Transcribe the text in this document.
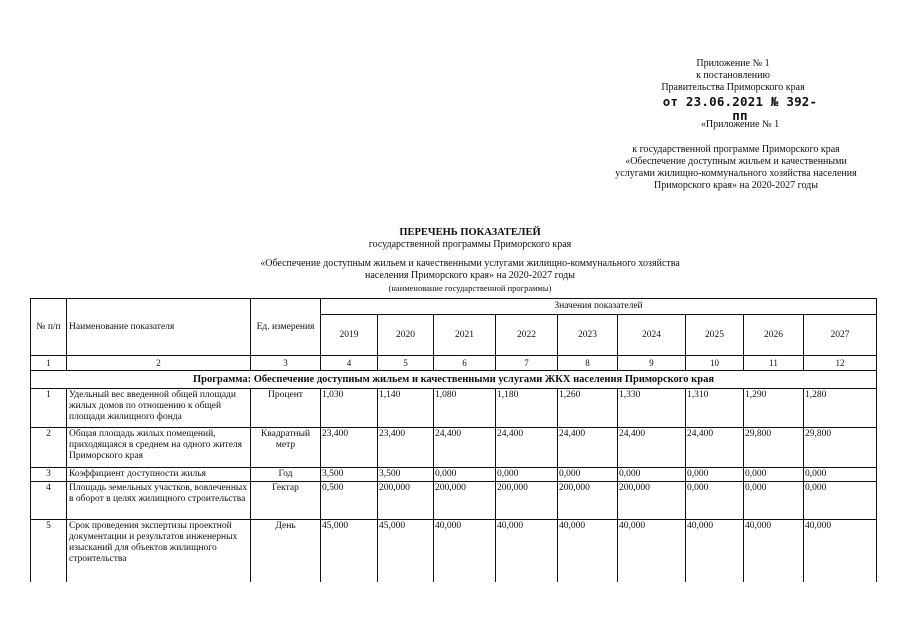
Приложение № 1
к постановлению
Правительства Приморского края
от 23.06.2021 № 392-пп
«Приложение № 1
к государственной программе Приморского края
«Обеспечение доступным жильем и качественными
услугами жилищно-коммунального хозяйства населения
Приморского края» на 2020-2027 годы
ПЕРЕЧЕНЬ ПОКАЗАТЕЛЕЙ
государственной программы Приморского края
«Обеспечение доступным жильем и качественными услугами жилищно-коммунального хозяйства
населения Приморского края» на 2020-2027 годы
(наименование государственной программы)
№ п/п	Наименование показателя	Ед. измерения	Значения показателей								
			2019	2020	2021	2022	2023	2024	2025	2026	2027
1	2	3	4	5	6	7	8	9	10	11	12
Программа: Обеспечение доступным жильем и качественными услугами ЖКХ населения Приморского края											
1	Удельный вес введенной общей площади жилых домов по отношению к общей площади жилищного фонда	Процент	1,030	1,140	1,080	1,180	1,260	1,330	1,310	1,290	1,280
2	Общая площадь жилых помещений, приходящаяся в среднем на одного жителя Приморского края	Квадратный метр	23,400	23,400	24,400	24,400	24,400	24,400	24,400	29,800	29,800
3	Коэффициент доступности жилья	Год	3,500	3,500	0,000	0,000	0,000	0,000	0,000	0,000	0,000
4	Площадь земельных участков, вовлеченных в оборот в целях жилищного строительства	Гектар	0,500	200,000	200,000	200,000	200,000	200,000	0,000	0,000	0,000
5	Срок проведения экспертизы проектной документации и результатов инженерных изысканий для объектов жилищного строительства	День	45,000	45,000	40,000	40,000	40,000	40,000	40,000	40,000	40,000
